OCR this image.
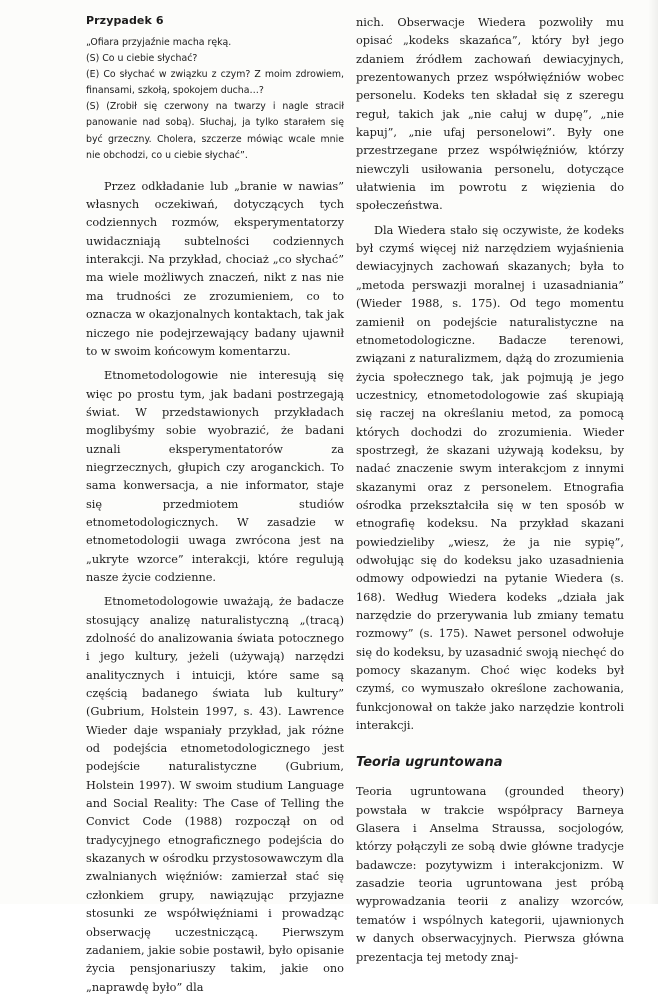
Przypadek 6

„Ofiara przyjaźnie macha ręką.

(S) Co u ciebie słychać?

(E) Co słychać w związku z czym? Z moim zdrowiem, finansami, szkołą, spokojem ducha…?

(S) (Zrobił się czerwony na twarzy i nagle stracił panowanie nad sobą). Słuchaj, ja tylko starałem się być grzeczny. Cholera, szczerze mówiąc wcale mnie nie obchodzi, co u ciebie słychać”.

Przez odkładanie lub „branie w nawias” własnych oczekiwań, dotyczących tych codziennych rozmów, eksperymentatorzy uwidaczniają subtelności codziennych interakcji. Na przykład, chociaż „co słychać” ma wiele możliwych znaczeń, nikt z nas nie ma trudności ze zrozumieniem, co to oznacza w okazjonalnych kontaktach, tak jak niczego nie podejrzewający badany ujawnił to w swoim końcowym komentarzu.

Etnometodologowie nie interesują się więc po prostu tym, jak badani postrzegają świat. W przedstawionych przykładach moglibyśmy sobie wyobrazić, że badani uznali eksperymentatorów za niegrzecznych, głupich czy aroganckich. To sama konwersacja, a nie informator, staje się przedmiotem studiów etnometodologicznych. W zasadzie w etnometodologii uwaga zwrócona jest na „ukryte wzorce” interakcji, które regulują nasze życie codzienne.

Etnometodologowie uważają, że badacze stosujący analizę naturalistyczną „(tracą) zdolność do analizowania świata potocznego i jego kultury, jeżeli (używają) narzędzi analitycznych i intuicji, które same są częścią badanego świata lub kultury” (Gubrium, Holstein 1997, s. 43). Lawrence Wieder daje wspaniały przykład, jak różne od podejścia etnometodologicznego jest podejście naturalistyczne (Gubrium, Holstein 1997). W swoim studium Language and Social Reality: The Case of Telling the Convict Code (1988) rozpoczął on od tradycyjnego etnograficznego podejścia do skazanych w ośrodku przystosowawczym dla zwalnianych więźniów: zamierzał stać się członkiem grupy, nawiązując przyjazne stosunki ze współwięźniami i prowadząc obserwację uczestniczącą. Pierwszym zadaniem, jakie sobie postawił, było opisanie życia pensjonariuszy takim, jakie ono „naprawdę było” dla

nich. Obserwacje Wiedera pozwoliły mu opisać „kodeks skazańca”, który był jego zdaniem źródłem zachowań dewiacyjnych, prezentowanych przez współwięźniów wobec personelu. Kodeks ten składał się z szeregu reguł, takich jak „nie całuj w dupę”, „nie kapuj”, „nie ufaj personelowi”. Były one przestrzegane przez współwięźniów, którzy niewczyli usiłowania personelu, dotyczące ułatwienia im powrotu z więzienia do społeczeństwa.

Dla Wiedera stało się oczywiste, że kodeks był czymś więcej niż narzędziem wyjaśnienia dewiacyjnych zachowań skazanych; była to „metoda perswazji moralnej i uzasadniania” (Wieder 1988, s. 175). Od tego momentu zamienił on podejście naturalistyczne na etnometodologiczne. Badacze terenowi, związani z naturalizmem, dążą do zrozumienia życia społecznego tak, jak pojmują je jego uczestnicy, etnometodologowie zaś skupiają się raczej na określaniu metod, za pomocą których dochodzi do zrozumienia. Wieder spostrzegł, że skazani używają kodeksu, by nadać znaczenie swym interakcjom z innymi skazanymi oraz z personelem. Etnografia ośrodka przekształciła się w ten sposób w etnografię kodeksu. Na przykład skazani powiedzieliby „wiesz, że ja nie sypię”, odwołując się do kodeksu jako uzasadnienia odmowy odpowiedzi na pytanie Wiedera (s. 168). Według Wiedera kodeks „działa jak narzędzie do przerywania lub zmiany tematu rozmowy” (s. 175). Nawet personel odwołuje się do kodeksu, by uzasadnić swoją niechęć do pomocy skazanym. Choć więc kodeks był czymś, co wymuszało określone zachowania, funkcjonował on także jako narzędzie kontroli interakcji.

Teoria ugruntowana

Teoria ugruntowana (grounded theory) powstała w trakcie współpracy Barneya Glasera i Anselma Straussa, socjologów, którzy połączyli ze sobą dwie główne tradycje badawcze: pozytywizm i interakcjonizm. W zasadzie teoria ugruntowana jest próbą wyprowadzania teorii z analizy wzorców, tematów i wspólnych kategorii, ujawnionych w danych obserwacyjnych. Pierwsza główna prezentacja tej metody znaj-
